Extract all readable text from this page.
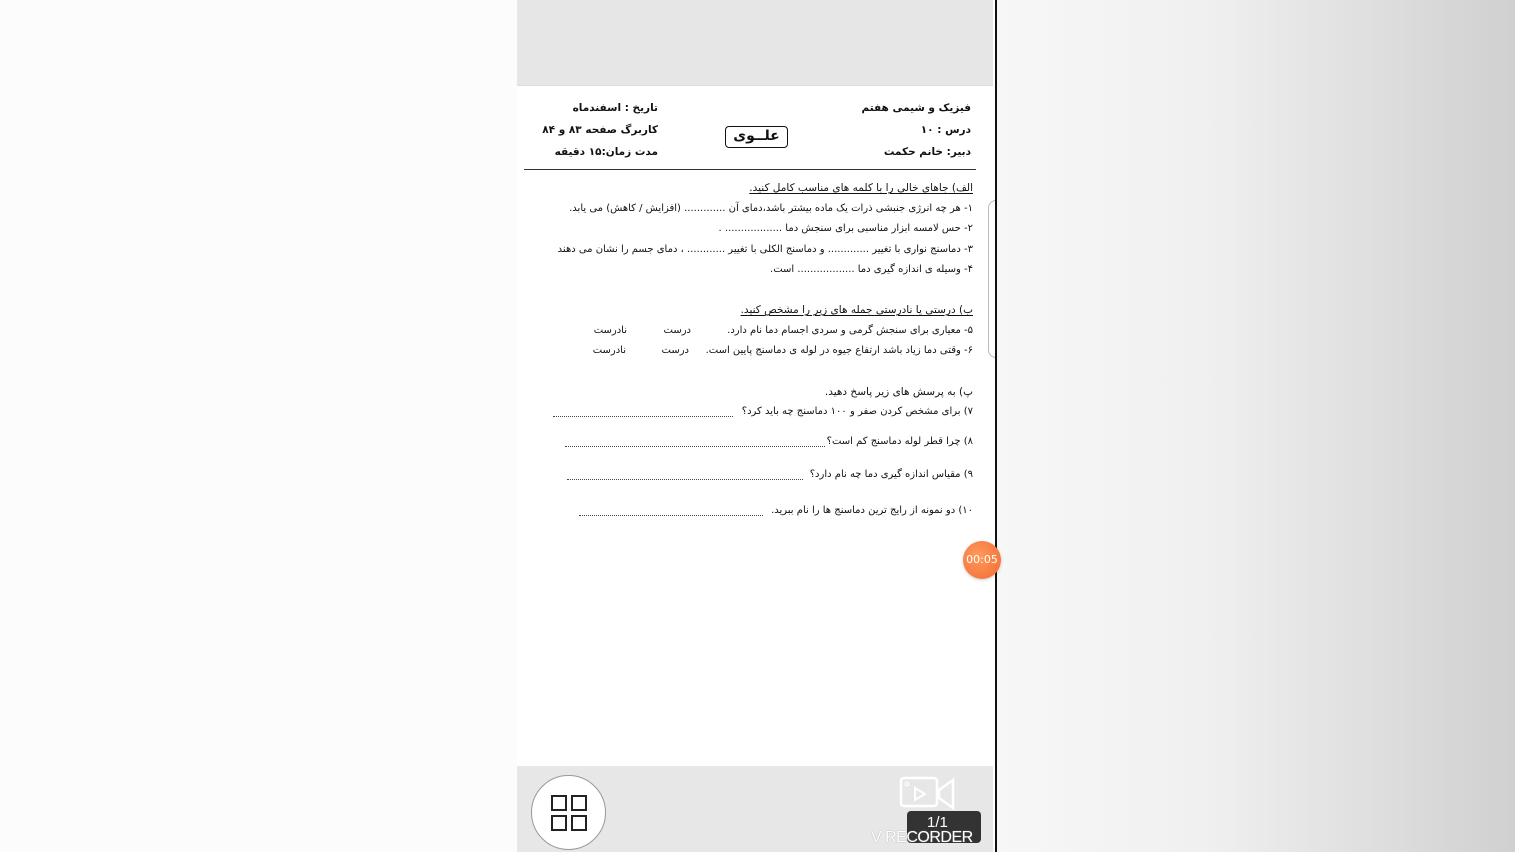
فیزیک و شیمی هفتم
درس : ۱۰
دبیر: خانم حکمت
علــوی
تاریخ : اسفندماه
کاربرگ صفحه ۸۳ و ۸۴
مدت زمان:۱۵ دقیقه
الف) جاهای خالی را با کلمه های مناسب کامل کنید.
۱- هر چه انرژی جنبشی ذرات یک ماده بیشتر باشد،دمای آن ............. (افزایش / کاهش) می یابد.
۲- حس لامسه ابزار مناسبی برای سنجش دما .................. .
۳- دماسنج نواری با تغییر ............. و دماسنج الکلی با تغییر ............ ، دمای جسم را نشان می دهند
۴- وسیله ی اندازه گیری دما .................. است.
ب) درستی یا نادرستی جمله های زیر را مشخص کنید.
۵- معیاری برای سنجش گرمی و سردی اجسام دما نام دارد.
درست
نادرست
۶- وقتی دما زیاد باشد ارتفاع جیوه در لوله ی دماسنج پایین است.
درست
نادرست
پ) به پرسش های زیر پاسخ دهید.
۷) برای مشخص کردن صفر و ۱۰۰ دماسنج چه باید کرد؟
۸) چرا قطر لوله دماسنج کم است؟
۹) مقیاس اندازه گیری دما چه نام دارد؟
۱۰) دو نمونه از رایج ترین دماسنج ها را نام ببرید.
00:05
1/1
V RECORDER
